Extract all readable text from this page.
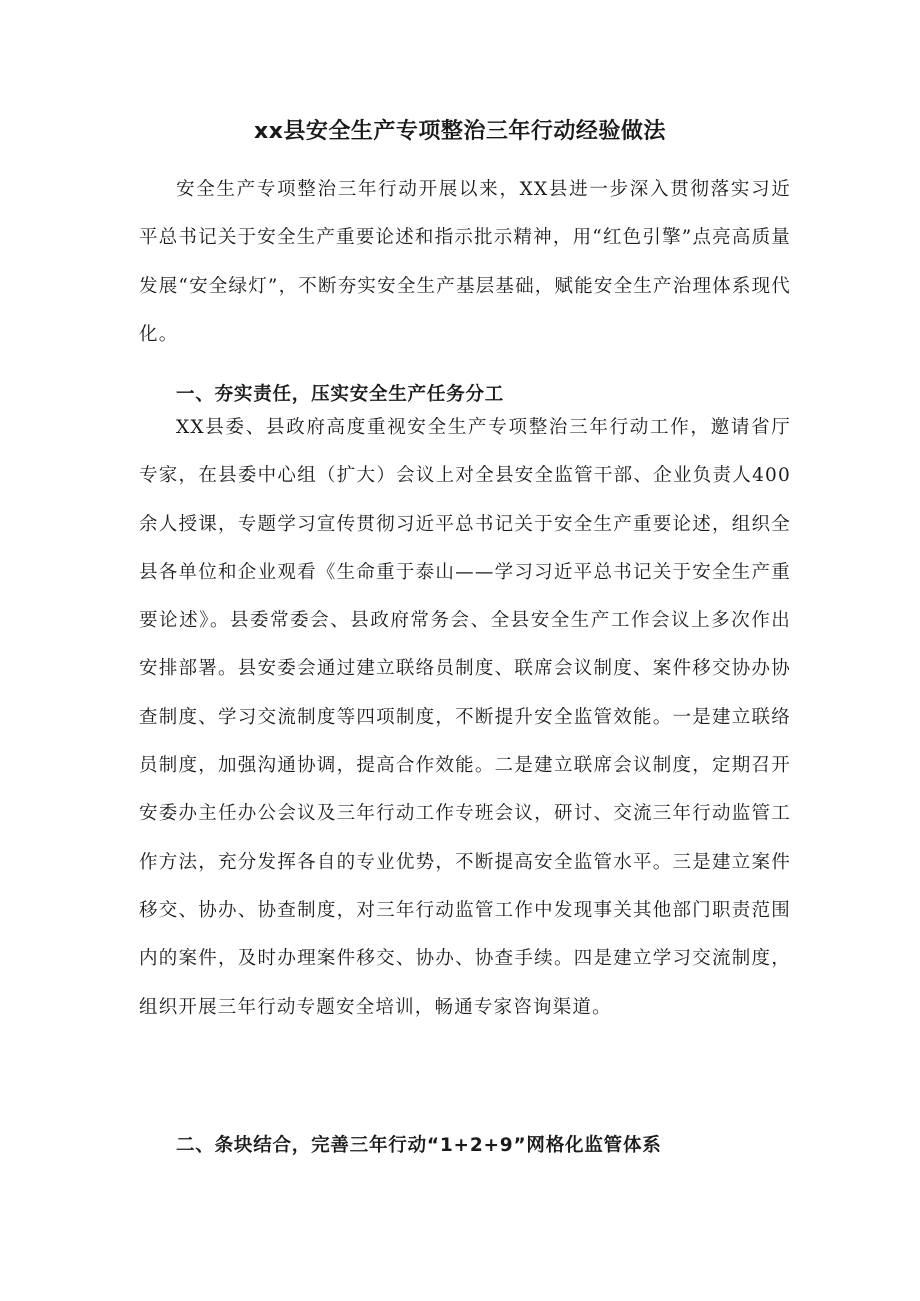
xx县安全生产专项整治三年行动经验做法

安全生产专项整治三年行动开展以来，XX县进一步深入贯彻落实习近平总书记关于安全生产重要论述和指示批示精神，用“红色引擎”点亮高质量发展“安全绿灯”，不断夯实安全生产基层基础，赋能安全生产治理体系现代化。

一、夯实责任，压实安全生产任务分工

XX县委、县政府高度重视安全生产专项整治三年行动工作，邀请省厅专家，在县委中心组（扩大）会议上对全县安全监管干部、企业负责人400余人授课，专题学习宣传贯彻习近平总书记关于安全生产重要论述，组织全县各单位和企业观看《生命重于泰山——学习习近平总书记关于安全生产重要论述》。县委常委会、县政府常务会、全县安全生产工作会议上多次作出安排部署。县安委会通过建立联络员制度、联席会议制度、案件移交协办协查制度、学习交流制度等四项制度，不断提升安全监管效能。一是建立联络员制度，加强沟通协调，提高合作效能。二是建立联席会议制度，定期召开安委办主任办公会议及三年行动工作专班会议，研讨、交流三年行动监管工作方法，充分发挥各自的专业优势，不断提高安全监管水平。三是建立案件移交、协办、协查制度，对三年行动监管工作中发现事关其他部门职责范围内的案件，及时办理案件移交、协办、协查手续。四是建立学习交流制度，组织开展三年行动专题安全培训，畅通专家咨询渠道。

二、条块结合，完善三年行动“1+2+9”网格化监管体系
